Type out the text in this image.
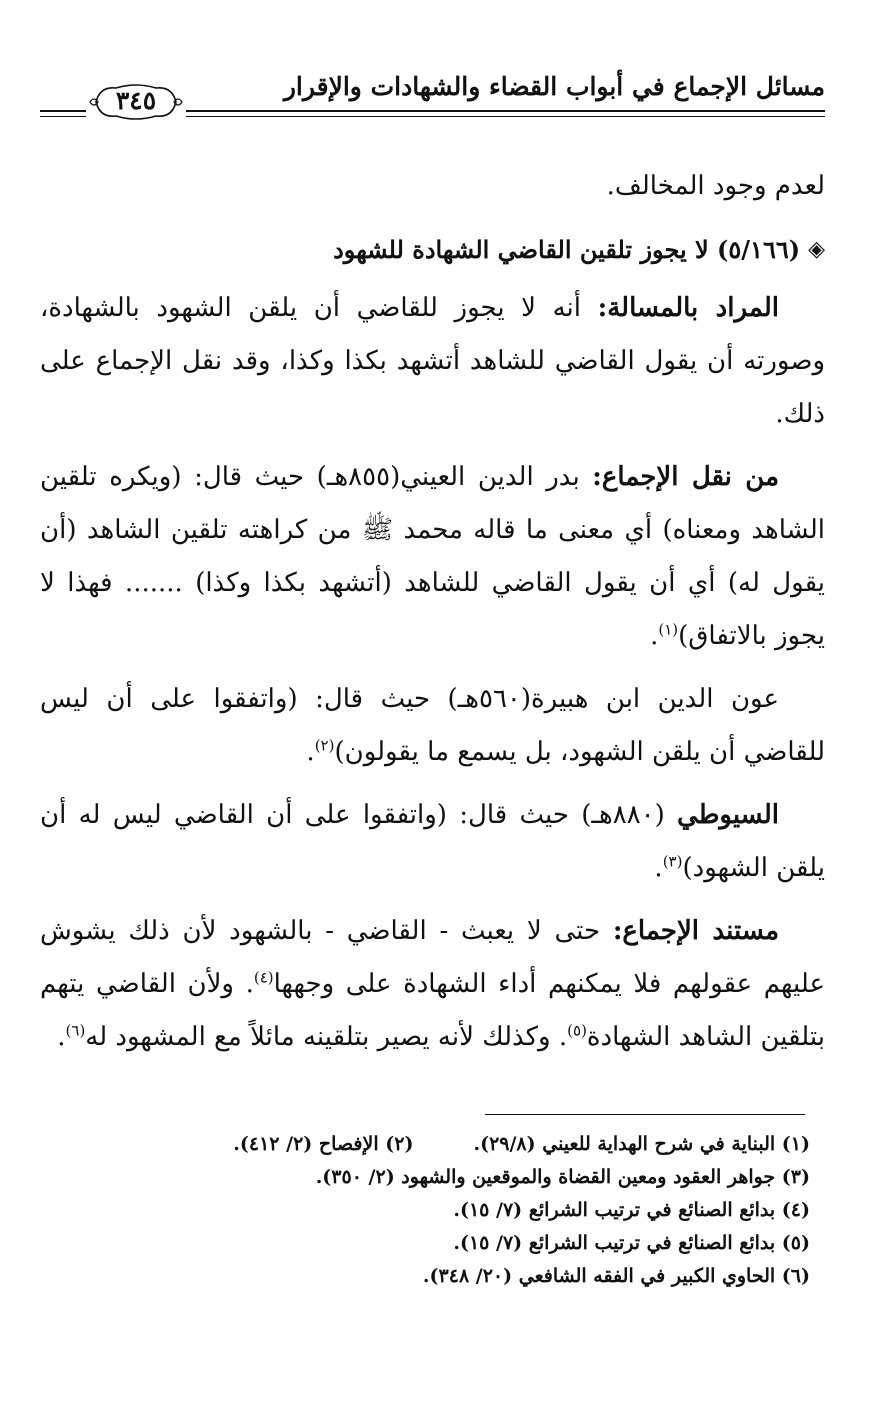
مسائل الإجماع في أبواب القضاء والشهادات والإقرار
٣٤٥

لعدم وجود المخالف.

◈
(٥/١٦٦) لا يجوز تلقين القاضي الشهادة للشهود

المراد بالمسالة: أنه لا يجوز للقاضي أن يلقن الشهود بالشهادة، وصورته أن يقول القاضي للشاهد أتشهد بكذا وكذا، وقد نقل الإجماع على ذلك.

من نقل الإجماع: بدر الدين العيني(٨٥٥هـ) حيث قال: (ويكره تلقين الشاهد ومعناه) أي معنى ما قاله محمد ﷺ من كراهته تلقين الشاهد (أن يقول له) أي أن يقول القاضي للشاهد (أتشهد بكذا وكذا) ....... فهذا لا يجوز بالاتفاق)$^{(١)}$.

عون الدين ابن هبيرة(٥٦٠هـ) حيث قال: (واتفقوا على أن ليس للقاضي أن يلقن الشهود، بل يسمع ما يقولون)$^{(٢)}$.

السيوطي (٨٨٠هـ) حيث قال: (واتفقوا على أن القاضي ليس له أن يلقن الشهود)$^{(٣)}$.

مستند الإجماع: حتى لا يعبث - القاضي - بالشهود لأن ذلك يشوش عليهم عقولهم فلا يمكنهم أداء الشهادة على وجهها$^{(٤)}$. ولأن القاضي يتهم بتلقين الشاهد الشهادة$^{(٥)}$. وكذلك لأنه يصير بتلقينه مائلاً مع المشهود له$^{(٦)}$.

(١) البناية في شرح الهداية للعيني (٢٩/٨).
(٢) الإفصاح (٢/ ٤١٢).
(٣) جواهر العقود ومعين القضاة والموقعين والشهود (٢/ ٣٥٠).
(٤) بدائع الصنائع في ترتيب الشرائع (٧/ ١٥).
(٥) بدائع الصنائع في ترتيب الشرائع (٧/ ١٥).
(٦) الحاوي الكبير في الفقه الشافعي (٢٠/ ٣٤٨).
